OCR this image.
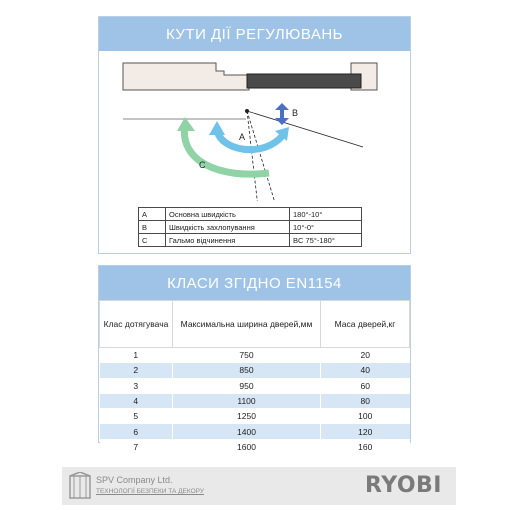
КУТИ ДІЇ РЕГУЛЮВАНЬ
A
B
C
A	Основна швидкість	180°-10°
B	Швидкість захлопування	10°-0°
C	Гальмо відчинення	BC 75°-180°
КЛАСИ ЗГІДНО EN1154
Клас дотягувача	Максимальна ширина дверей,мм	Маса дверей,кг
1	750	20
2	850	40
3	950	60
4	1100	80
5	1250	100
6	1400	120
7	1600	160
SPV Company Ltd.
ТЕХНОЛОГІЇ БЕЗПЕКИ ТА ДЕКОРУ	RYOBI
